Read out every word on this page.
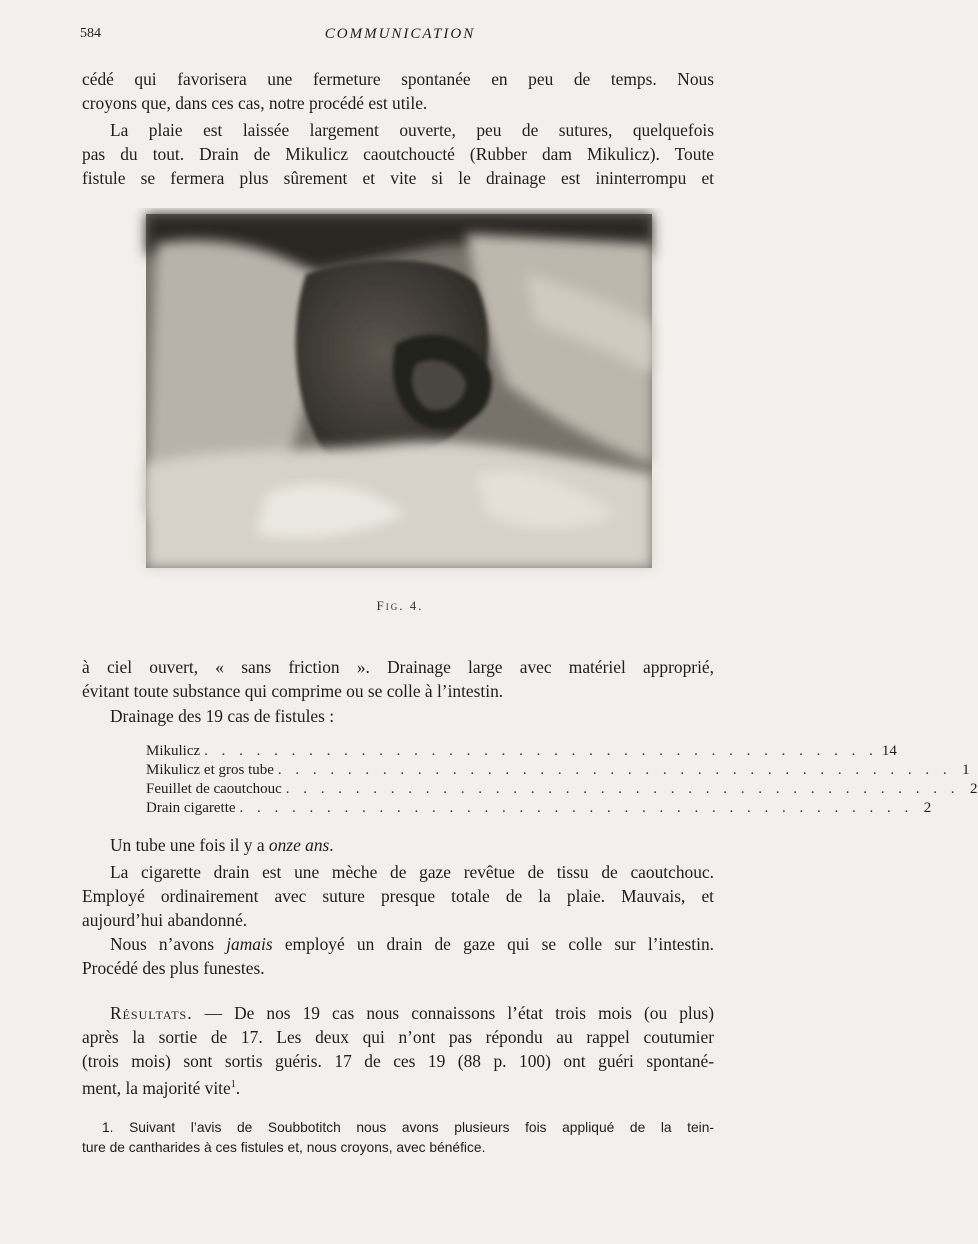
584	COMMUNICATION

cédé qui favorisera une fermeture spontanée en peu de temps. Nous
croyons que, dans ces cas, notre procédé est utile.

La plaie est laissée largement ouverte, peu de sutures, quelquefois
pas du tout. Drain de Mikulicz caoutchoucté (Rubber dam Mikulicz). Toute
fistule se fermera plus sûrement et vite si le drainage est ininterrompu et

Fig. 4.

à ciel ouvert, « sans friction ». Drainage large avec matériel approprié,
évitant toute substance qui comprime ou se colle à l’intestin.

Drainage des 19 cas de fistules :

Mikulicz . . . . . . . . . . . . . . . . . . . . . . . . . . . . . . . . . . . . . . . 14
Mikulicz et gros tube . . . . . . . . . . . . . . . . . . . . . . . . . . . . . . . . . . . . . . . 1
Feuillet de caoutchouc . . . . . . . . . . . . . . . . . . . . . . . . . . . . . . . . . . . . . . . 2
Drain cigarette . . . . . . . . . . . . . . . . . . . . . . . . . . . . . . . . . . . . . . . 2

Un tube une fois il y a onze ans.

La cigarette drain est une mèche de gaze revêtue de tissu de caoutchouc.
Employé ordinairement avec suture presque totale de la plaie. Mauvais, et
aujourd’hui abandonné.

Nous n’avons jamais employé un drain de gaze qui se colle sur l’intestin.
Procédé des plus funestes.

Résultats. — De nos 19 cas nous connaissons l’état trois mois (ou plus)
après la sortie de 17. Les deux qui n’ont pas répondu au rappel coutumier
(trois mois) sont sortis guéris. 17 de ces 19 (88 p. 100) ont guéri spontané-
ment, la majorité vite$^1$.

1. Suivant l’avis de Soubbotitch nous avons plusieurs fois appliqué de la tein-
ture de cantharides à ces fistules et, nous croyons, avec bénéfice.
